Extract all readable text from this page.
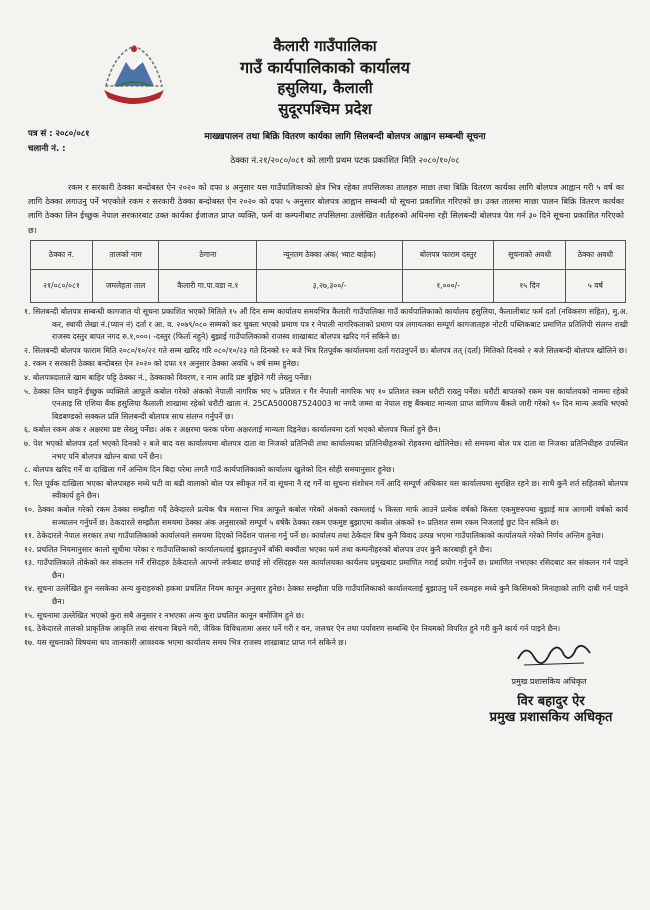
कैलारी गाउँपालिका
गाउँ कार्यपालिकाको कार्यालय
हसुलिया, कैलाली
सुदूरपश्चिम प्रदेश
पत्र सं : २०८०/०८१
चलानी नं. :
माख्खपालन तथा बिक्रि वितरण कार्यका लागि सिलबन्दी बोलपत्र आह्वान सम्बन्धी सूचना
ठेक्का नं.२१/२०८०/०८१ को लागी प्रथम पटक प्रकाशित मिति २०८०/१०/०८
रकम र सरकारी ठेक्का बन्दोबस्त ऐन २०२० को दफा ४ अनुसार यस गाउँपालिकाको क्षेत्र भित्र रहेका तपसिलका तालहरु माछा तथा बिक्रि वितरण कार्यका लागि बोलपत्र आह्वान गरी ५ वर्ष का लागि ठेक्का लगाउनु पर्ने भएकोले रकम र सरकारी ठेक्का बन्दोबस्त ऐन २०२० को दफा ५ अनुसार बोलपत्र आह्वान सम्बन्धी यो सूचना प्रकाशित गरिएको छ। उक्त तालमा माछा पालन बिक्रि वितरण कार्यका लागि ठेक्का लिन ईच्छुक नेपाल सरकारबाट उक्त कार्यका ईजाजत प्राप्त व्यक्ति, फर्म वा कम्पनीबाट तपसिलमा उल्लेखित शर्तहरुको अधिनमा रही सिलबन्दी बोलपत्र पेश गर्न ३० दिने सूचना प्रकाशित गरिएको छ।
ठेक्का नं.	तालको नाम	ठेगाना	न्यूनतम ठेक्का अंक( भ्याट बाहेक)	बोलपत्र फाराम दस्तुर	सूचनाको अवधी	ठेक्का अवधी
२१/०८०/०८१	जमलेहता ताल	कैलारी गा.पा.वडा न.१	३,२७,३००/-	१,०००/-	१५ दिन	५ वर्ष

१. सिलबन्दी बोलपत्र सम्बन्धी कागजात यो सूचना प्रकाशित भएको मितिले १५ औं दिन सम्म कार्यालय समयभित्र कैलारी गाउँपालिका गाउँ कार्यपालिकाको कार्यालय हसुलिया, कैलालीबाट फर्म दर्ता (नविकरण सहित), मु.अ. कर, स्थायी लेखा नं.(प्यान नं) दर्ता र आ. व. २०७९/०८० सम्मको कर चुक्ता भएको प्रमाण पत्र र नेपाली नागरिकताको प्रमाण पत्र लगायतका सम्पूर्ण कागजातहरु नोटरी पब्लिकबाट प्रमाणित प्रतिलिपी संलग्न राखी राजस्व दस्तुर बापत नगद रु.१,०००। -दस्तुर (फिर्ता नहुने) बुझाई गाउँपालिकाको राजस्व शाखाबाट बोलपत्र खरिद गर्न सकिने छ।

२. सिलबन्दी बोलपत्र फाराम मिति २०८०/१०/२२ गते सम्म खरिद गरि ०८०/१०/२३ गते दिनको १२ बजे भित्र रितपूर्वक कार्यालयमा दर्ता गराउनुपर्ने छ। बोलपत्र तत् (दर्ता) मितिको दिनको २ बजे सिलबन्दी बोलपत्र खोलिने छ।

३. रकम र सरकारी ठेक्का बन्दोबस्त ऐन २०२० को दफा ११ अनुसार ठेक्का अवधि ५ वर्ष सम्म हुनेछ।

४. बोलपत्रदाताले खाम बाहिर पट्टि ठेक्का नं., ठेक्काको विवरण, र नाम आदि प्रष्ट बुझिने गरी लेख्नु पर्नेछ।

५. ठेक्का लिन चाहने ईच्छुक व्यक्तिले आफूले कबोल गरेको अंकको नेपाली नागरिक भए ५ प्रतिशत र गैर नेपाली नागरिक भए १० प्रतिशत रकम धरौटी राख्नु पर्नेछ। धरौटी बापतको रकम यस कार्यालयको नाममा रहेको एनआइ सि एशिया बैंक हसुलिया कैलाली शाखामा रहेको धरौटी खाता नं. 25CA500087524003 मा नगदै जम्मा वा नेपाल राष्ट्र बैंकबाट मान्यता प्राप्त वाणिज्य बैंकले जारी गरेको ९० दिन मान्य अवधि भएको बिडबण्डको सक्कल प्रति सिलबन्दी बोलपत्र साथ संलग्न गर्नुपर्ने छ।

६. कबोल रकम अंक र अक्षरमा प्रष्ट लेख्नु पर्नेछ। अंक र अक्षरमा फरक परेमा अक्षरलाई मान्यता दिइनेछ। कार्यालयमा दर्ता भएको बोलपत्र फिर्ता हुने छैन।

७. पेश भएको बोलपत्र दर्ता भएको दिनको २ बजे बाद यस कार्यालयमा बोलपत्र दाता वा निजको प्रतिनिधी तथा कार्यालयका प्रतिनिधीहरुको रोहवरमा खोलिनेछ। सो समयमा बोल पत्र दाता वा निजका प्रतिनिधीहरु उपस्थित नभए पनि बोलपत्र खोल्न बाधा पर्ने छैन।

८. बोलपत्र खरिद गर्ने वा दाखिला गर्ने अन्तिम दिन बिदा परेमा लगतै गाउँ कार्यपालिकाको कार्यालय खुलेको दिन सोही समयानुसार हुनेछ।

९. रित पूर्वक दाखिला भएका बोलपत्रहरु मध्ये घटी वा बढी वालाको बोल पत्र स्वीकृत गर्ने वा सूचना नै रद्द गर्ने वा सूचना संशोधन गर्ने आदि सम्पूर्ण अधिकार यस कार्यालयमा सुरक्षित रहने छ। साथै कुनै शर्त सहितको बोलपत्र स्वीकार्य हुने छैन।

१०. ठेक्का कबोल गरेको रकम ठेक्का सम्झौता गर्दै ठेकेदारले प्रत्येक चैत्र मसान्त भित्र आफूले कबोल गरेको अंकको रकमलाई ५ किस्ता मार्फ आउने प्रत्येक वर्षको किस्ता एकमुष्टरुपमा बुझाई मात्र आगामी वर्षको कार्य सञ्चालन गर्नुपर्ने छ। ठेकदारले सम्झौता समयमा ठेक्का अंक अनुसारको सम्पूर्ण ५ वर्षकै ठेक्का रकम एकमुष्ट बुझाएमा कबोल अंकको १० प्रतिशत सम्म रकम निजलाई छुट दिन सकिने छ।

११. ठेकेदारले नेपाल सरकार तथा गाउँपालिकाको कार्यालयले समयमा दिएको निर्देशन पालना गर्नु पर्ने छ। कार्यालय तथा ठेकेदार बिच कुनै विवाद उत्पन्न भएमा गाउँपालिकाको कार्यालयले गरेको निर्णय अन्तिम हुनेछ।

१२. प्रचलित नियमानुसार कालो सूचीमा परेका र गाउँपालिकाको कार्यालयलाई बुझाउनुपर्ने बाँकी बक्यौता भएका फर्म तथा कम्पनीहरुको बोलपत्र उपर कुनै कारबाही हुने छैन।

१३. गाउँपालिकाले तोकेको कर संकलन गर्ने रसिदहरु ठेकेदारले आफ्नो तर्फबाट छपाई सो रसिदहरु यस कार्यालयका कार्यलय प्रमुखबाट प्रमाणित गराई प्रयोग गर्नुपर्ने छ। प्रमाणित नभएका रसिदबाट कर संकलन गर्न पाइने छैन।

१४. सूचना उल्लेखित हुन नसकेका अन्य कुराहरुको हकमा प्रचलित नियम कानून अनुसार हुनेछ। ठेक्का सम्झौता पछि गाउँपालिकाको कार्यालयलाई बुझाउनु पर्ने रकमहरु मध्ये कुनै किसिमको मिनाहाको लागि दाबी गर्न पाइने छैन।

१५. सूचनामा उल्लेखित भएको कुरा सबै अनुसार र नभएका अन्य कुरा प्रचलित कानून बमोजिम हुने छ।

१६. ठेकेदारले तालको प्राकृतिक आकृति तथा संरचना बिग्रने गरी, जैविक विविधतामा असर पर्ने गरी र वन, जलचर ऐन तथा पर्यावरण सम्बन्धि ऐन नियमको विपरित हुने गरी कुनै कार्य गर्न पाइने छैन।

१७. यस सूचनाको विषयमा थप जानकारी आवश्यक भएमा कार्यालय समय भित्र राजस्व शाखाबाट प्राप्त गर्न सकिने छ।

प्रमुख प्रशासकिय अधिकृत
विर बहादुर ऐर
प्रमुख प्रशासकिय अधिकृत
